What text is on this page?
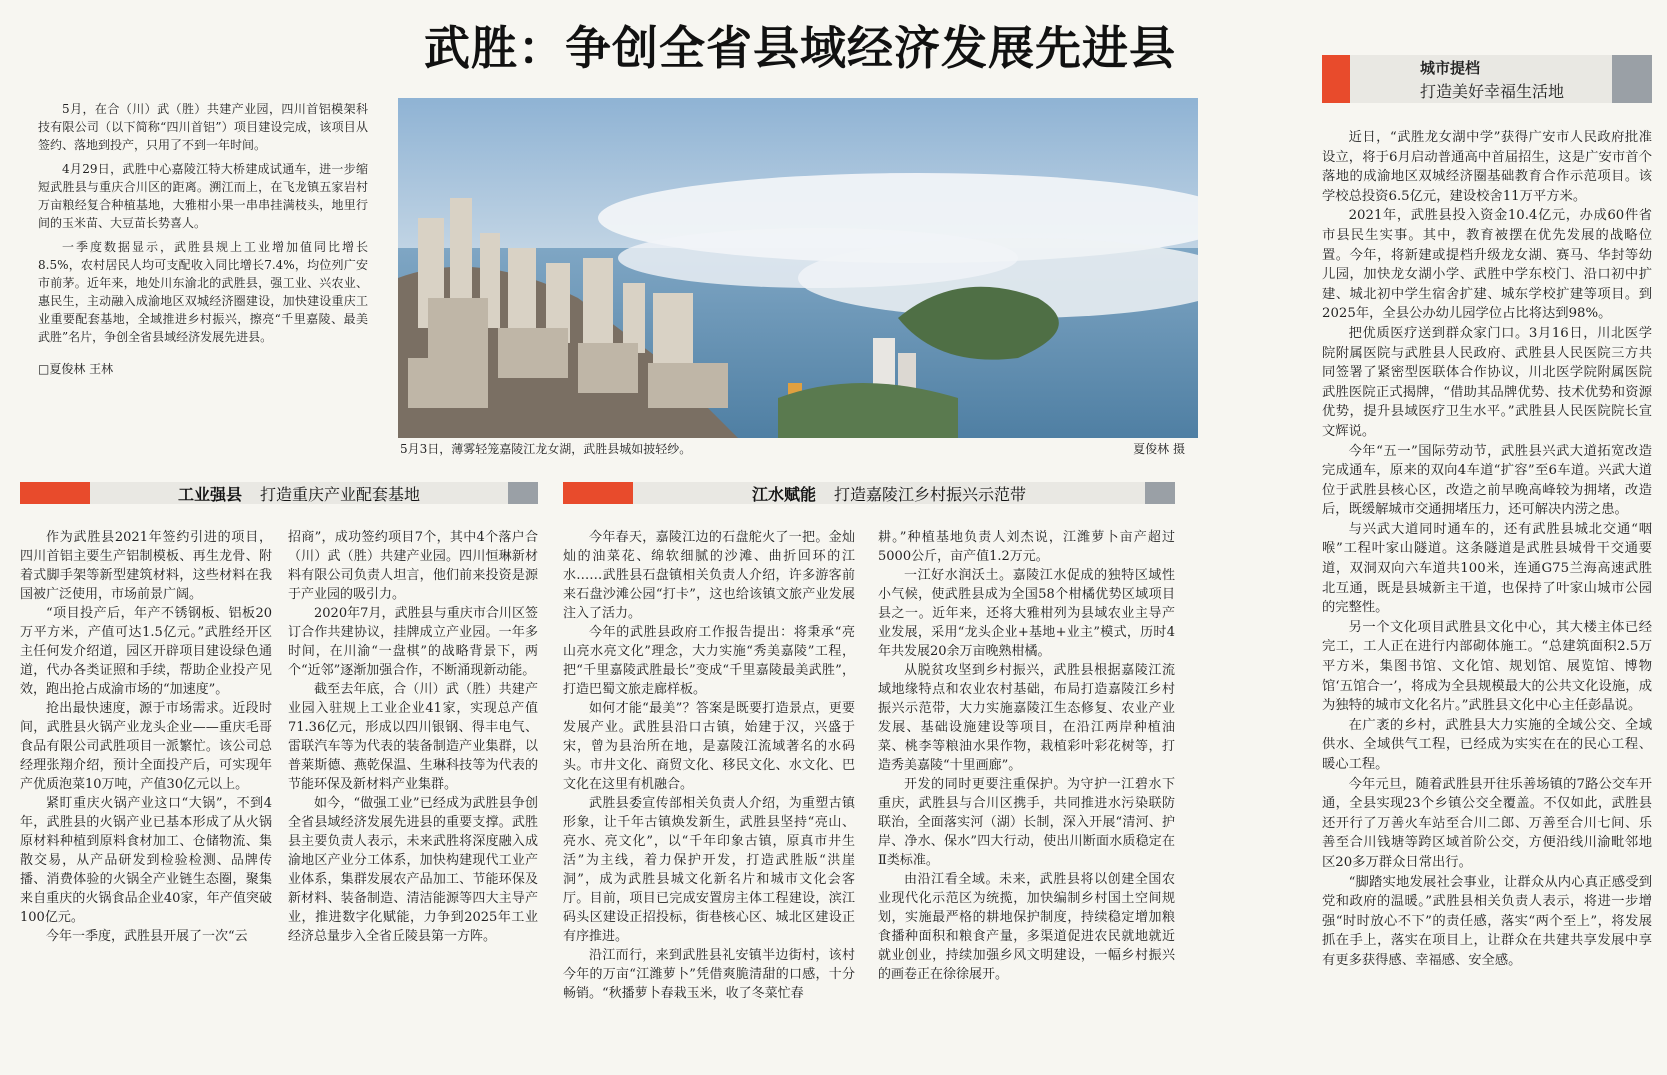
武胜：争创全省县域经济发展先进县

5月，在合（川）武（胜）共建产业园，四川首铝模架科技有限公司（以下简称“四川首铝”）项目建设完成，该项目从签约、落地到投产，只用了不到一年时间。

4月29日，武胜中心嘉陵江特大桥建成试通车，进一步缩短武胜县与重庆合川区的距离。溯江而上，在飞龙镇五家岩村万亩粮经复合种植基地，大雅柑小果一串串挂满枝头，地里行间的玉米苗、大豆苗长势喜人。

一季度数据显示，武胜县规上工业增加值同比增长8.5%，农村居民人均可支配收入同比增长7.4%，均位列广安市前茅。近年来，地处川东渝北的武胜县，强工业、兴农业、惠民生，主动融入成渝地区双城经济圈建设，加快建设重庆工业重要配套基地，全域推进乡村振兴，擦亮“千里嘉陵、最美武胜”名片，争创全省县域经济发展先进县。

□夏俊林 王林

5月3日，薄雾轻笼嘉陵江龙女湖，武胜县城如披轻纱。	夏俊林 摄
工业强县 打造重庆产业配套基地	江水赋能 打造嘉陵江乡村振兴示范带
城市提档
打造美好幸福生活地

作为武胜县2021年签约引进的项目，四川首铝主要生产铝制模板、再生龙骨、附着式脚手架等新型建筑材料，这些材料在我国被广泛使用，市场前景广阔。

“项目投产后，年产不锈钢板、铝板20万平方米，产值可达1.5亿元。”武胜经开区主任何发介绍道，园区开辟项目建设绿色通道，代办各类证照和手续，帮助企业投产见效，跑出抢占成渝市场的“加速度”。

抢出最快速度，源于市场需求。近段时间，武胜县火锅产业龙头企业——重庆毛哥食品有限公司武胜项目一派繁忙。该公司总经理张翔介绍，预计全面投产后，可实现年产优质泡菜10万吨，产值30亿元以上。

紧盯重庆火锅产业这口“大锅”，不到4年，武胜县的火锅产业已基本形成了从火锅原材料种植到原料食材加工、仓储物流、集散交易，从产品研发到检验检测、品牌传播、消费体验的火锅全产业链生态圈，聚集来自重庆的火锅食品企业40家，年产值突破100亿元。

今年一季度，武胜县开展了一次“云

招商”，成功签约项目7个，其中4个落户合（川）武（胜）共建产业园。四川恒琳新材料有限公司负责人坦言，他们前来投资是源于产业园的吸引力。

2020年7月，武胜县与重庆市合川区签订合作共建协议，挂牌成立产业园。一年多时间，在川渝“一盘棋”的战略背景下，两个“近邻”逐渐加强合作，不断涌现新动能。

截至去年底，合（川）武（胜）共建产业园入驻规上工业企业41家，实现总产值71.36亿元，形成以四川银钢、得丰电气、雷联汽车等为代表的装备制造产业集群，以普莱斯德、燕乾保温、生琳科技等为代表的节能环保及新材料产业集群。

如今，“做强工业”已经成为武胜县争创全省县域经济发展先进县的重要支撑。武胜县主要负责人表示，未来武胜将深度融入成渝地区产业分工体系，加快构建现代工业产业体系，集群发展农产品加工、节能环保及新材料、装备制造、清洁能源等四大主导产业，推进数字化赋能，力争到2025年工业经济总量步入全省丘陵县第一方阵。

今年春天，嘉陵江边的石盘舵火了一把。金灿灿的油菜花、绵软细腻的沙滩、曲折回环的江水……武胜县石盘镇相关负责人介绍，许多游客前来石盘沙滩公园“打卡”，这也给该镇文旅产业发展注入了活力。

今年的武胜县政府工作报告提出：将秉承“亮山亮水亮文化”理念，大力实施“秀美嘉陵”工程，把“千里嘉陵武胜最长”变成“千里嘉陵最美武胜”，打造巴蜀文旅走廊样板。

如何才能“最美”？答案是既要打造景点，更要发展产业。武胜县沿口古镇，始建于汉，兴盛于宋，曾为县治所在地，是嘉陵江流域著名的水码头。市井文化、商贸文化、移民文化、水文化、巴文化在这里有机融合。

武胜县委宣传部相关负责人介绍，为重塑古镇形象，让千年古镇焕发新生，武胜县坚持“亮山、亮水、亮文化”，以“千年印象古镇，原真市井生活”为主线，着力保护开发，打造武胜版“洪崖洞”，成为武胜县城文化新名片和城市文化会客厅。目前，项目已完成安置房主体工程建设，滨江码头区建设正招投标，街巷核心区、城北区建设正有序推进。

沿江而行，来到武胜县礼安镇半边街村，该村今年的万亩“江潍萝卜”凭借爽脆清甜的口感，十分畅销。“秋播萝卜春栽玉米，收了冬菜忙春

耕。”种植基地负责人刘杰说，江潍萝卜亩产超过5000公斤，亩产值1.2万元。

一江好水润沃土。嘉陵江水促成的独特区域性小气候，使武胜县成为全国58个柑橘优势区域项目县之一。近年来，还将大雅柑列为县域农业主导产业发展，采用“龙头企业+基地+业主”模式，历时4年共发展20余万亩晚熟柑橘。

从脱贫攻坚到乡村振兴，武胜县根据嘉陵江流域地缘特点和农业农村基础，布局打造嘉陵江乡村振兴示范带，大力实施嘉陵江生态修复、农业产业发展、基础设施建设等项目，在沿江两岸种植油菜、桃李等粮油水果作物，栽植彩叶彩花树等，打造秀美嘉陵“十里画廊”。

开发的同时更要注重保护。为守护一江碧水下重庆，武胜县与合川区携手，共同推进水污染联防联治，全面落实河（湖）长制，深入开展“清河、护岸、净水、保水”四大行动，使出川断面水质稳定在Ⅱ类标准。

由沿江看全域。未来，武胜县将以创建全国农业现代化示范区为统揽，加快编制乡村国土空间规划，实施最严格的耕地保护制度，持续稳定增加粮食播种面积和粮食产量，多渠道促进农民就地就近就业创业，持续加强乡风文明建设，一幅乡村振兴的画卷正在徐徐展开。

近日，“武胜龙女湖中学”获得广安市人民政府批准设立，将于6月启动普通高中首届招生，这是广安市首个落地的成渝地区双城经济圈基础教育合作示范项目。该学校总投资6.5亿元，建设校舍11万平方米。

2021年，武胜县投入资金10.4亿元，办成60件省市县民生实事。其中，教育被摆在优先发展的战略位置。今年，将新建或提档升级龙女湖、赛马、华封等幼儿园，加快龙女湖小学、武胜中学东校门、沿口初中扩建、城北初中学生宿舍扩建、城东学校扩建等项目。到2025年，全县公办幼儿园学位占比将达到98%。

把优质医疗送到群众家门口。3月16日，川北医学院附属医院与武胜县人民政府、武胜县人民医院三方共同签署了紧密型医联体合作协议，川北医学院附属医院武胜医院正式揭牌，“借助其品牌优势、技术优势和资源优势，提升县域医疗卫生水平。”武胜县人民医院院长宣文辉说。

今年“五一”国际劳动节，武胜县兴武大道拓宽改造完成通车，原来的双向4车道“扩容”至6车道。兴武大道位于武胜县核心区，改造之前早晚高峰较为拥堵，改造后，既缓解城市交通拥堵压力，还可解决内涝之患。

与兴武大道同时通车的，还有武胜县城北交通“咽喉”工程叶家山隧道。这条隧道是武胜县城骨干交通要道，双洞双向六车道共100米，连通G75兰海高速武胜北互通，既是县城新主干道，也保持了叶家山城市公园的完整性。

另一个文化项目武胜县文化中心，其大楼主体已经完工，工人正在进行内部砌体施工。“总建筑面积2.5万平方米，集图书馆、文化馆、规划馆、展览馆、博物馆‘五馆合一’，将成为全县规模最大的公共文化设施，成为独特的城市文化名片。”武胜县文化中心主任彭晶说。

在广袤的乡村，武胜县大力实施的全域公交、全域供水、全域供气工程，已经成为实实在在的民心工程、暖心工程。

今年元旦，随着武胜县开往乐善场镇的7路公交车开通，全县实现23个乡镇公交全覆盖。不仅如此，武胜县还开行了万善火车站至合川二郎、万善至合川七间、乐善至合川钱塘等跨区域首阶公交，方便沿线川渝毗邻地区20多万群众日常出行。

“脚踏实地发展社会事业，让群众从内心真正感受到党和政府的温暖。”武胜县相关负责人表示，将进一步增强“时时放心不下”的责任感，落实“两个至上”，将发展抓在手上，落实在项目上，让群众在共建共享发展中享有更多获得感、幸福感、安全感。
